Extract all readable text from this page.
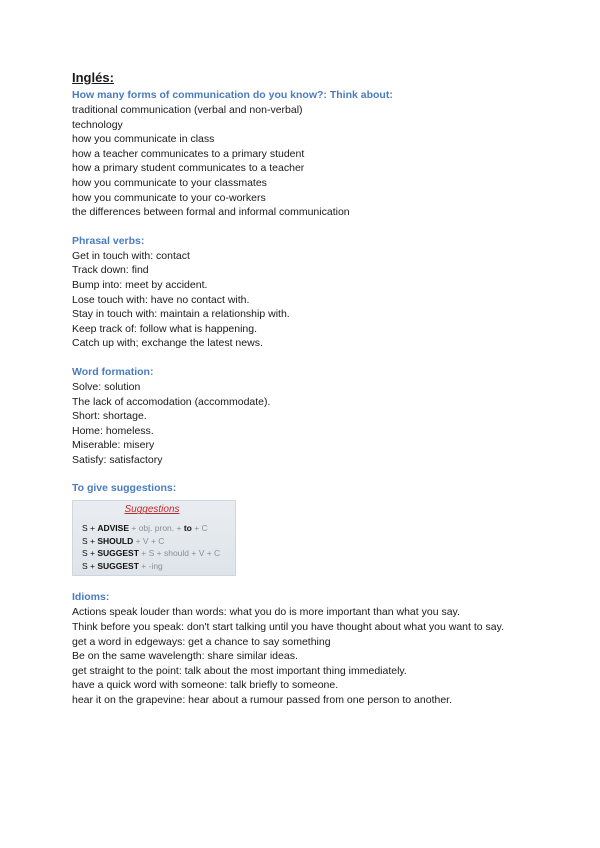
Inglés:

How many forms of communication do you know?: Think about:

traditional communication (verbal and non-verbal)

technology

how you communicate in class

how a teacher communicates to a primary student

how a primary student communicates to a teacher

how you communicate to your classmates

how you communicate to your co-workers

the differences between formal and informal communication

Phrasal verbs:

Get in touch with: contact

Track down: find

Bump into: meet by accident.

Lose touch with: have no contact with.

Stay in touch with: maintain a relationship with.

Keep track of: follow what is happening.

Catch up with; exchange the latest news.

Word formation:

Solve: solution

The lack of accomodation (accommodate).

Short: shortage.

Home: homeless.

Miserable: misery

Satisfy: satisfactory

To give suggestions:

Suggestions

S + ADVISE + obj. pron. + to + C
S + SHOULD + V + C
S + SUGGEST + S + should + V + C
S + SUGGEST + -ing

Idioms:

Actions speak louder than words: what you do is more important than what you say.

Think before you speak: don't start talking until you have thought about what you want to say.

get a word in edgeways: get a chance to say something

Be on the same wavelength: share similar ideas.

get straight to the point: talk about the most important thing immediately.

have a quick word with someone: talk briefly to someone.

hear it on the grapevine: hear about a rumour passed from one person to another.
